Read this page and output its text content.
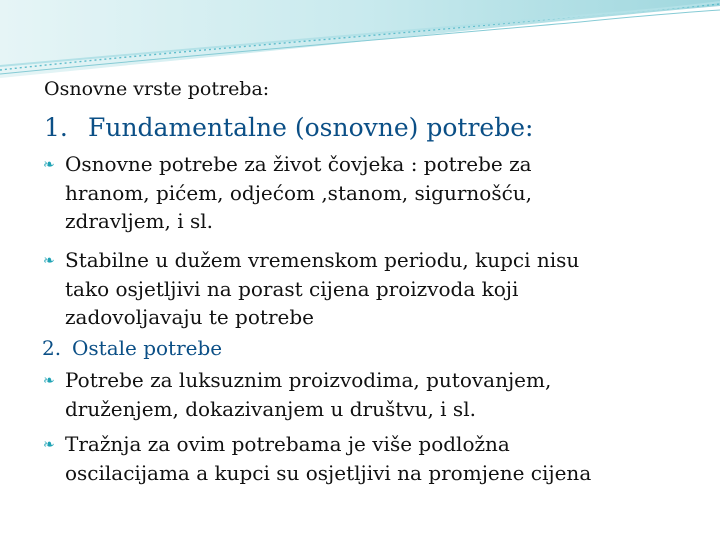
Osnovne vrste potreba:
1. Fundamentalne (osnovne) potrebe:
❧ Osnovne potrebe za život čovjeka : potrebe za
hranom, pićem, odjećom ,stanom, sigurnošću,
zdravljem, i sl.
❧ Stabilne u dužem vremenskom periodu, kupci nisu
tako osjetljivi na porast cijena proizvoda koji
zadovoljavaju te potrebe
2. Ostale potrebe
❧ Potrebe za luksuznim proizvodima, putovanjem,
druženjem, dokazivanjem u društvu, i sl.
❧ Tražnja za ovim potrebama je više podložna
oscilacijama a kupci su osjetljivi na promjene cijena
